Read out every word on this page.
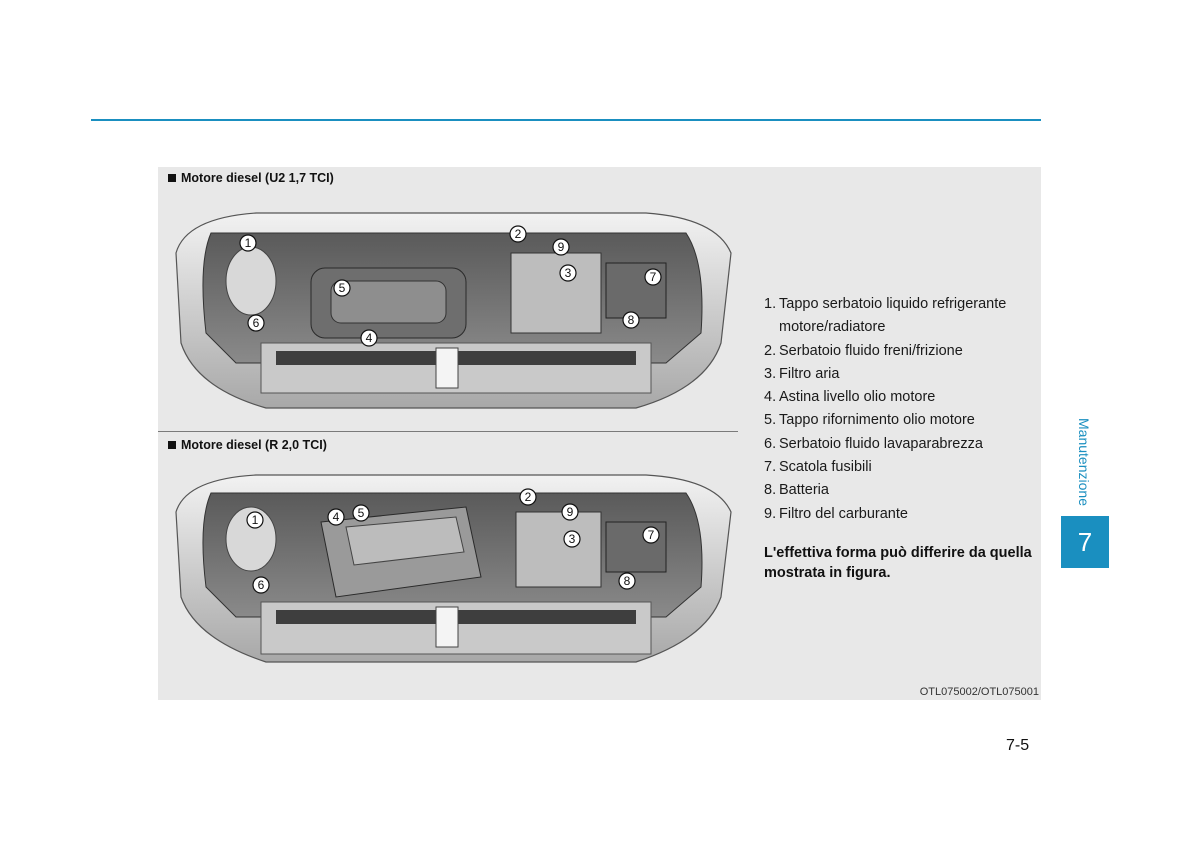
Motore diesel (U2 1,7 TCI)
1
2
9
3	7
5
8
6
4
Motore diesel (R 2,0 TCI)
1	4 5
2
9
3	7
8
6
1. Tappo serbatoio liquido refrigerante motore/radiatore
2. Serbatoio fluido freni/frizione
3. Filtro aria
4. Astina livello olio motore
5. Tappo rifornimento olio motore
6. Serbatoio fluido lavaparabrezza
7. Scatola fusibili
8. Batteria
9. Filtro del carburante
L'effettiva forma può differire da quella mostrata in figura.
OTL075002/OTL075001
Manutenzione
7
7-5
